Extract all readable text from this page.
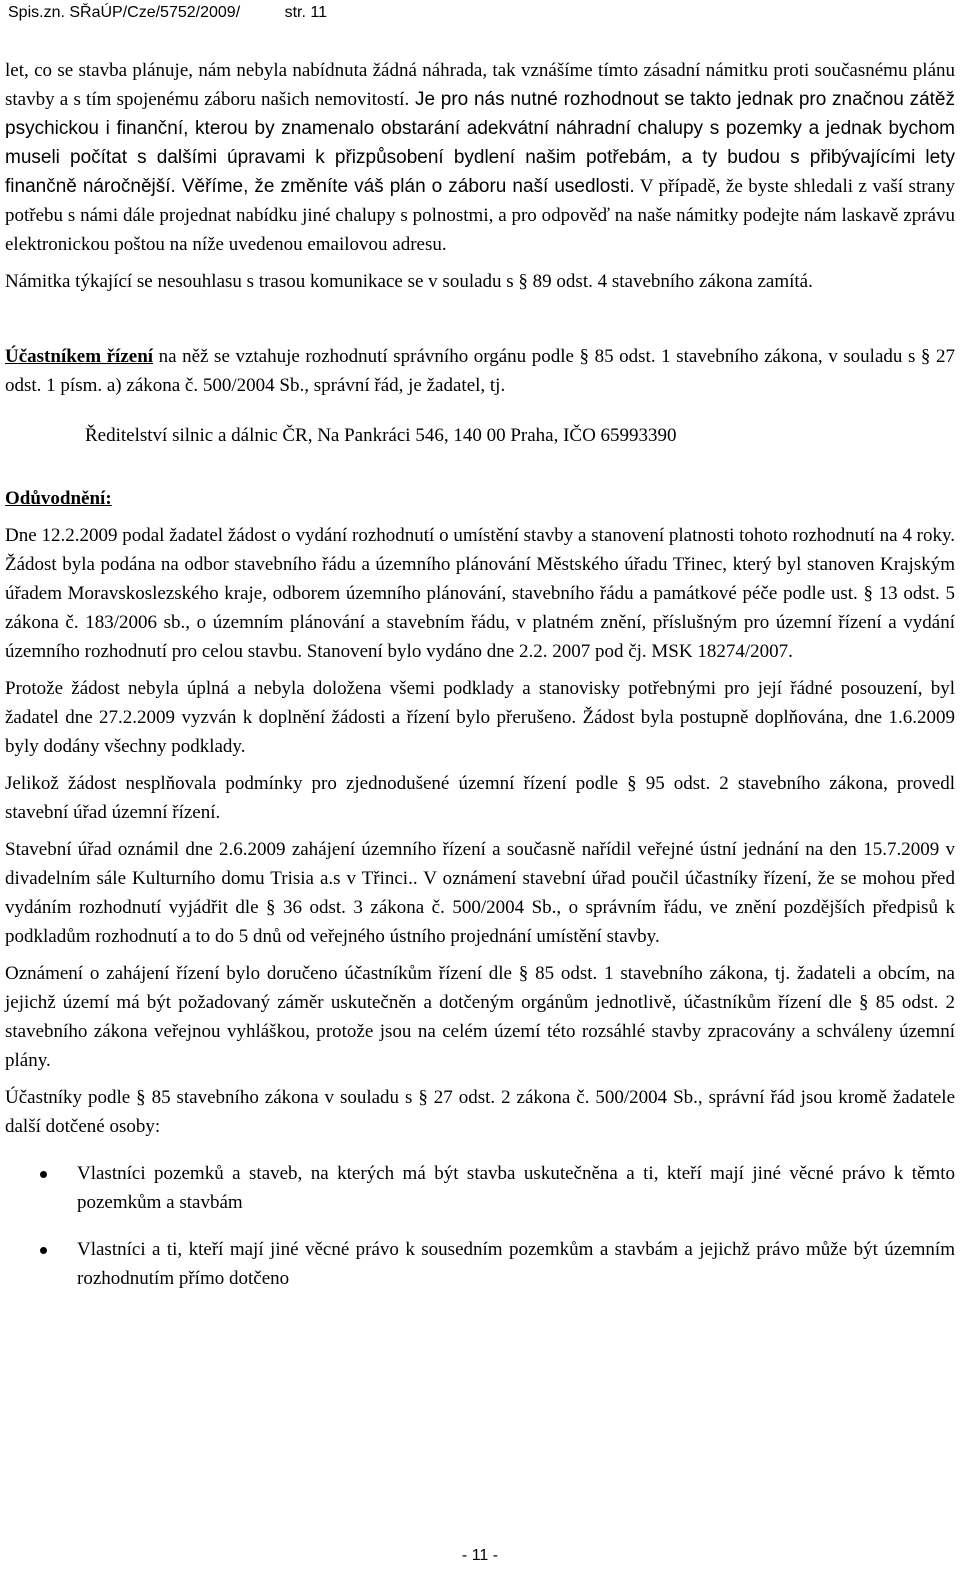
Spis.zn. SŘaÚP/Cze/5752/2009/	str. 11

let, co se stavba plánuje, nám nebyla nabídnuta žádná náhrada, tak vznášíme tímto zásadní námitku proti současnému plánu stavby a s tím spojenému záboru našich nemovitostí. Je pro nás nutné rozhodnout se takto jednak pro značnou zátěž psychickou i finanční, kterou by znamenalo obstarání adekvátní náhradní chalupy s pozemky a jednak bychom museli počítat s dalšími úpravami k přizpůsobení bydlení našim potřebám, a ty budou s přibývajícími lety finančně náročnější. Věříme, že změníte váš plán o záboru naší usedlosti. V případě, že byste shledali z vaší strany potřebu s námi dále projednat nabídku jiné chalupy s polnostmi, a pro odpověď na naše námitky podejte nám laskavě zprávu elektronickou poštou na níže uvedenou emailovou adresu.

Námitka týkající se nesouhlasu s trasou komunikace se v souladu s § 89 odst. 4 stavebního zákona zamítá.

Účastníkem řízení na něž se vztahuje rozhodnutí správního orgánu podle § 85 odst. 1 stavebního zákona, v souladu s § 27 odst. 1 písm. a) zákona č. 500/2004 Sb., správní řád, je žadatel, tj.

Ředitelství silnic a dálnic ČR, Na Pankráci 546, 140 00 Praha, IČO 65993390

Odůvodnění:

Dne 12.2.2009 podal žadatel žádost o vydání rozhodnutí o umístění stavby a stanovení platnosti tohoto rozhodnutí na 4 roky. Žádost byla podána na odbor stavebního řádu a územního plánování Městského úřadu Třinec, který byl stanoven Krajským úřadem Moravskoslezského kraje, odborem územního plánování, stavebního řádu a památkové péče podle ust. § 13 odst. 5 zákona č. 183/2006 sb., o územním plánování a stavebním řádu, v platném znění, příslušným pro územní řízení a vydání územního rozhodnutí pro celou stavbu. Stanovení bylo vydáno dne 2.2. 2007 pod čj. MSK 18274/2007.

Protože žádost nebyla úplná a nebyla doložena všemi podklady a stanovisky potřebnými pro její řádné posouzení, byl žadatel dne 27.2.2009 vyzván k doplnění žádosti a řízení bylo přerušeno. Žádost byla postupně doplňována, dne 1.6.2009 byly dodány všechny podklady.

Jelikož žádost nesplňovala podmínky pro zjednodušené územní řízení podle § 95 odst. 2 stavebního zákona, provedl stavební úřad územní řízení.

Stavební úřad oznámil dne 2.6.2009 zahájení územního řízení a současně nařídil veřejné ústní jednání na den 15.7.2009 v divadelním sále Kulturního domu Trisia a.s v Třinci.. V oznámení stavební úřad poučil účastníky řízení, že se mohou před vydáním rozhodnutí vyjádřit dle § 36 odst. 3 zákona č. 500/2004 Sb., o správním řádu, ve znění pozdějších předpisů k podkladům rozhodnutí a to do 5 dnů od veřejného ústního projednání umístění stavby.

Oznámení o zahájení řízení bylo doručeno účastníkům řízení dle § 85 odst. 1 stavebního zákona, tj. žadateli a obcím, na jejichž území má být požadovaný záměr uskutečněn a dotčeným orgánům jednotlivě, účastníkům řízení dle § 85 odst. 2 stavebního zákona veřejnou vyhláškou, protože jsou na celém území této rozsáhlé stavby zpracovány a schváleny územní plány.

Účastníky podle § 85 stavebního zákona v souladu s § 27 odst. 2 zákona č. 500/2004 Sb., správní řád jsou kromě žadatele další dotčené osoby:

Vlastníci pozemků a staveb, na kterých má být stavba uskutečněna a ti, kteří mají jiné věcné právo k těmto pozemkům a stavbám
Vlastníci a ti, kteří mají jiné věcné právo k sousedním pozemkům a stavbám a jejichž právo může být územním rozhodnutím přímo dotčeno
- 11 -
